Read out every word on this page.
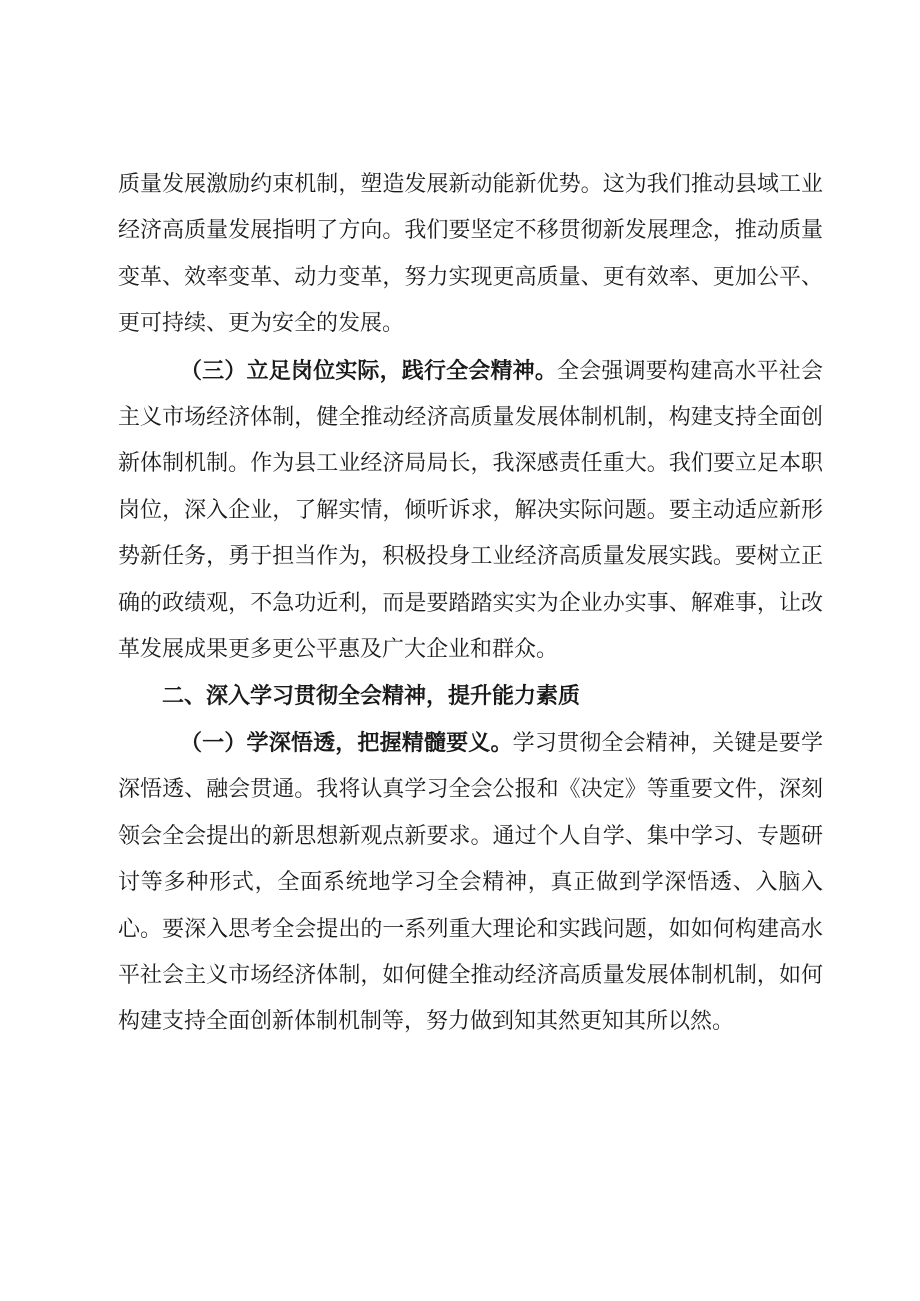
质量发展激励约束机制，塑造发展新动能新优势。这为我们推动县域工业经济高质量发展指明了方向。我们要坚定不移贯彻新发展理念，推动质量变革、效率变革、动力变革，努力实现更高质量、更有效率、更加公平、更可持续、更为安全的发展。

（三）立足岗位实际，践行全会精神。全会强调要构建高水平社会主义市场经济体制，健全推动经济高质量发展体制机制，构建支持全面创新体制机制。作为县工业经济局局长，我深感责任重大。我们要立足本职岗位，深入企业，了解实情，倾听诉求，解决实际问题。要主动适应新形势新任务，勇于担当作为，积极投身工业经济高质量发展实践。要树立正确的政绩观，不急功近利，而是要踏踏实实为企业办实事、解难事，让改革发展成果更多更公平惠及广大企业和群众。

二、深入学习贯彻全会精神，提升能力素质

（一）学深悟透，把握精髓要义。学习贯彻全会精神，关键是要学深悟透、融会贯通。我将认真学习全会公报和《决定》等重要文件，深刻领会全会提出的新思想新观点新要求。通过个人自学、集中学习、专题研讨等多种形式，全面系统地学习全会精神，真正做到学深悟透、入脑入心。要深入思考全会提出的一系列重大理论和实践问题，如如何构建高水平社会主义市场经济体制，如何健全推动经济高质量发展体制机制，如何构建支持全面创新体制机制等，努力做到知其然更知其所以然。
